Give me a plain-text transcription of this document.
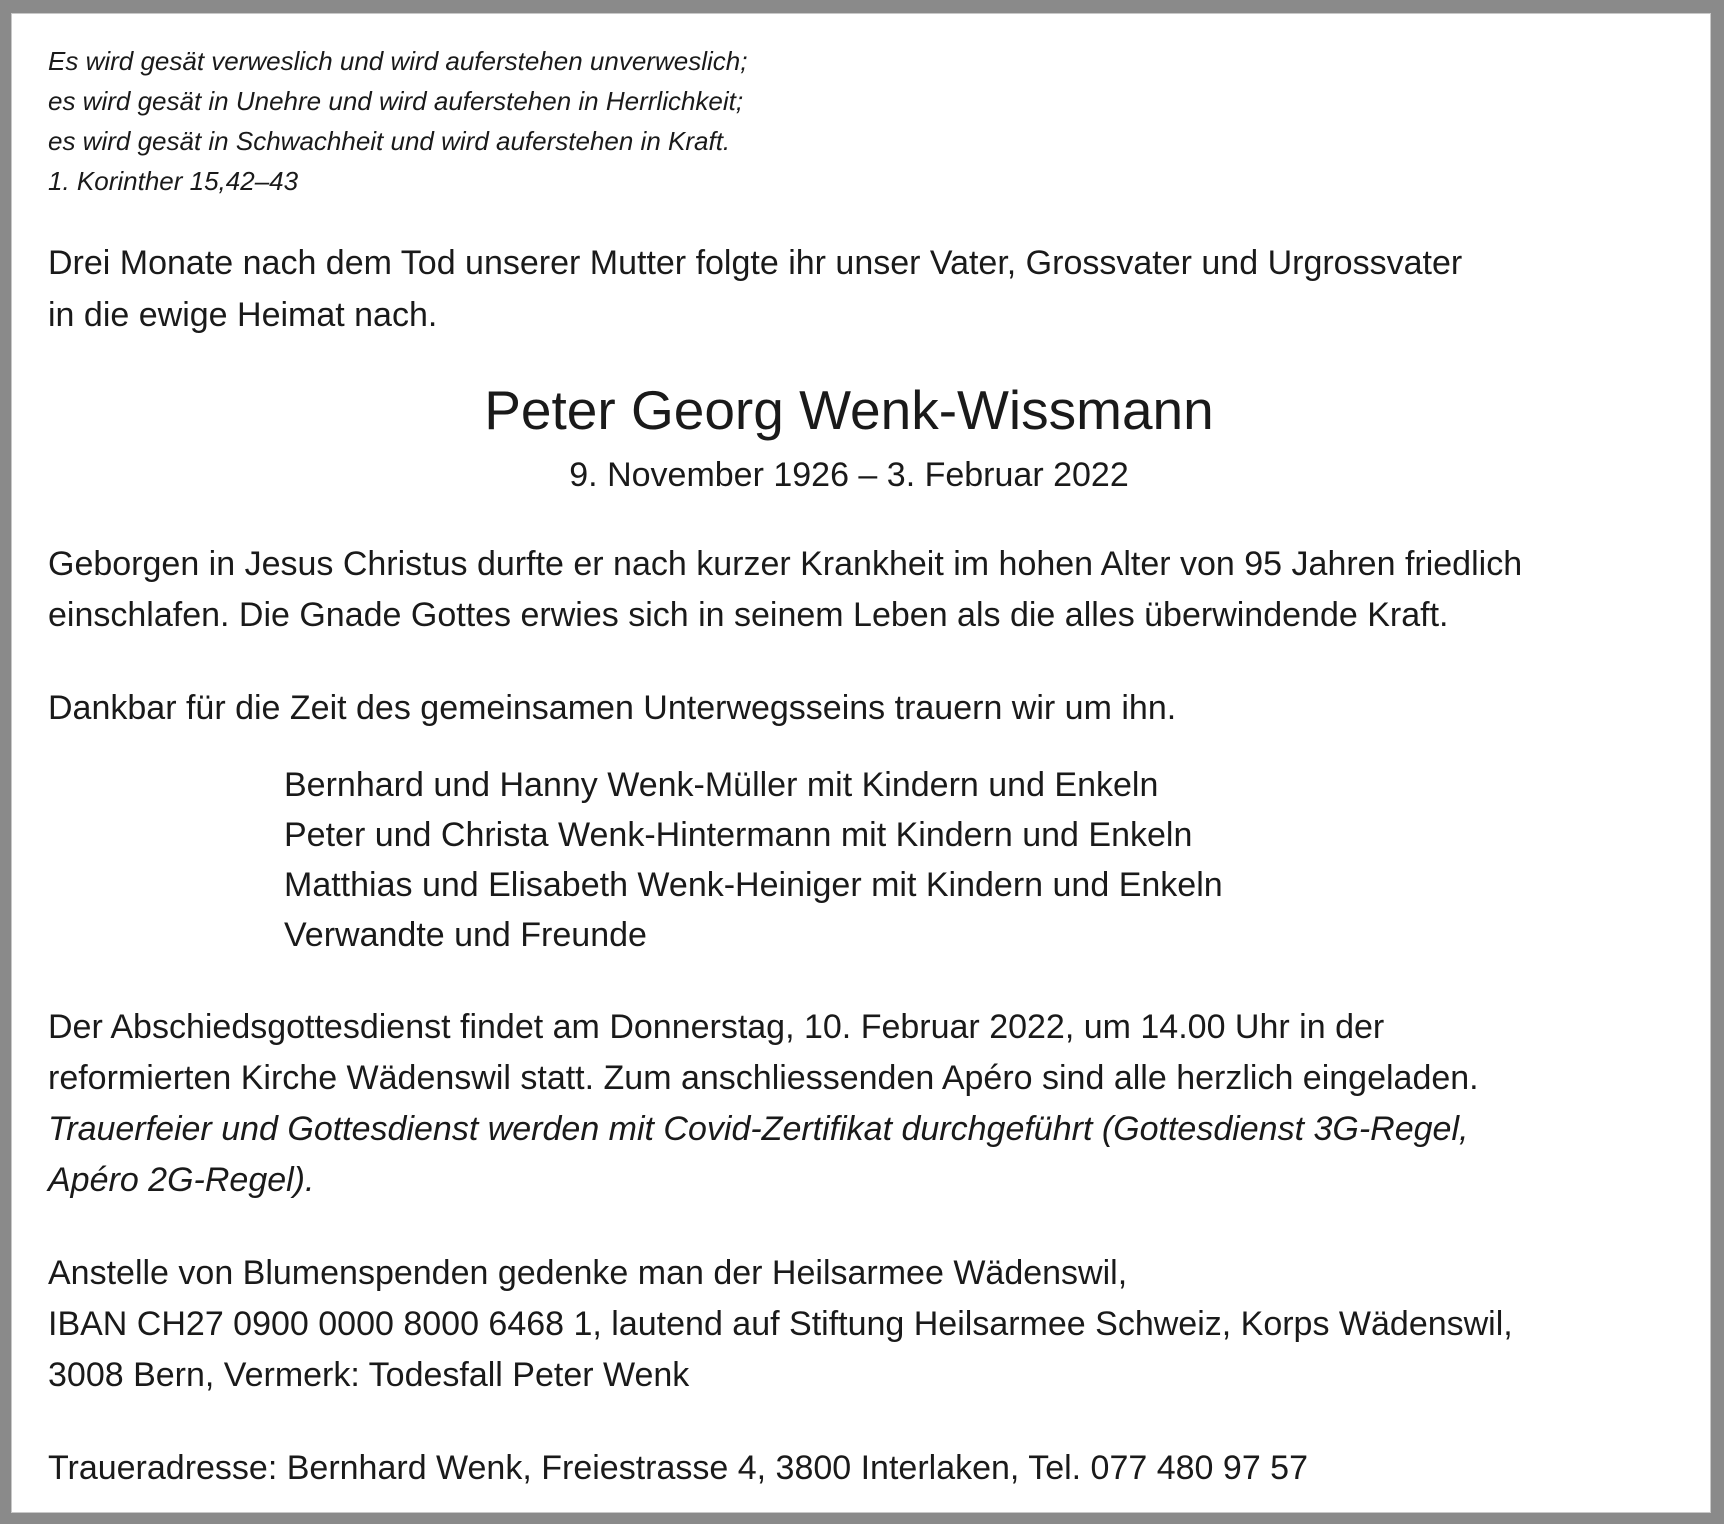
Es wird gesät verweslich und wird auferstehen unverweslich;

es wird gesät in Unehre und wird auferstehen in Herrlichkeit;

es wird gesät in Schwachheit und wird auferstehen in Kraft.

1. Korinther 15,42–43

Drei Monate nach dem Tod unserer Mutter folgte ihr unser Vater, Grossvater und Urgrossvater

in die ewige Heimat nach.

Peter Georg Wenk-Wissmann
9. November 1926 – 3. Februar 2022

Geborgen in Jesus Christus durfte er nach kurzer Krankheit im hohen Alter von 95 Jahren friedlich

einschlafen. Die Gnade Gottes erwies sich in seinem Leben als die alles überwindende Kraft.

Dankbar für die Zeit des gemeinsamen Unterwegsseins trauern wir um ihn.

Bernhard und Hanny Wenk-Müller mit Kindern und Enkeln

Peter und Christa Wenk-Hintermann mit Kindern und Enkeln

Matthias und Elisabeth Wenk-Heiniger mit Kindern und Enkeln

Verwandte und Freunde

Der Abschiedsgottesdienst findet am Donnerstag, 10. Februar 2022, um 14.00 Uhr in der

reformierten Kirche Wädenswil statt. Zum anschliessenden Apéro sind alle herzlich eingeladen.

Trauerfeier und Gottesdienst werden mit Covid-Zertifikat durchgeführt (Gottesdienst 3G-Regel,

Apéro 2G-Regel).

Anstelle von Blumenspenden gedenke man der Heilsarmee Wädenswil,

IBAN CH27 0900 0000 8000 6468 1, lautend auf Stiftung Heilsarmee Schweiz, Korps Wädenswil,

3008 Bern, Vermerk: Todesfall Peter Wenk

Traueradresse: Bernhard Wenk, Freiestrasse 4, 3800 Interlaken, Tel. 077 480 97 57
